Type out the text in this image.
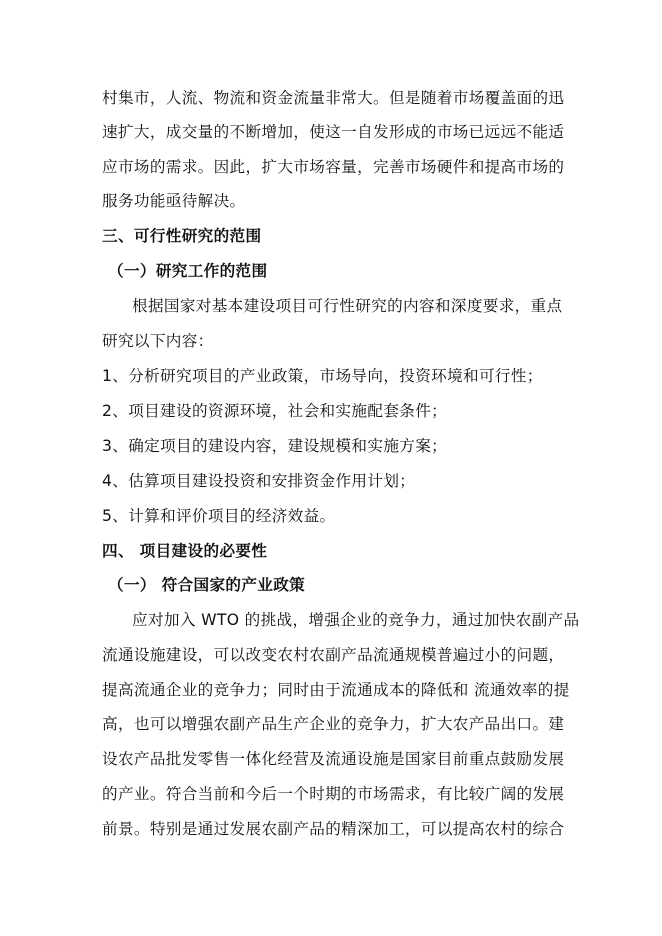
村集市，人流、物流和资金流量非常大。但是随着市场覆盖面的迅
速扩大，成交量的不断增加，使这一自发形成的市场已远远不能适
应市场的需求。因此，扩大市场容量，完善市场硬件和提高市场的
服务功能亟待解决。
三、可行性研究的范围
（一）研究工作的范围
根据国家对基本建设项目可行性研究的内容和深度要求，重点
研究以下内容：
1、分析研究项目的产业政策，市场导向，投资环境和可行性；
2、项目建设的资源环境，社会和实施配套条件；
3、确定项目的建设内容，建设规模和实施方案；
4、估算项目建设投资和安排资金作用计划；
5、计算和评价项目的经济效益。
四、 项目建设的必要性
（一） 符合国家的产业政策
应对加入 WTO 的挑战，增强企业的竞争力，通过加快农副产品
流通设施建设，可以改变农村农副产品流通规模普遍过小的问题，
提高流通企业的竞争力；同时由于流通成本的降低和 流通效率的提
高，也可以增强农副产品生产企业的竞争力，扩大农产品出口。建
设农产品批发零售一体化经营及流通设施是国家目前重点鼓励发展
的产业。符合当前和今后一个时期的市场需求，有比较广阔的发展
前景。特别是通过发展农副产品的精深加工，可以提高农村的综合
